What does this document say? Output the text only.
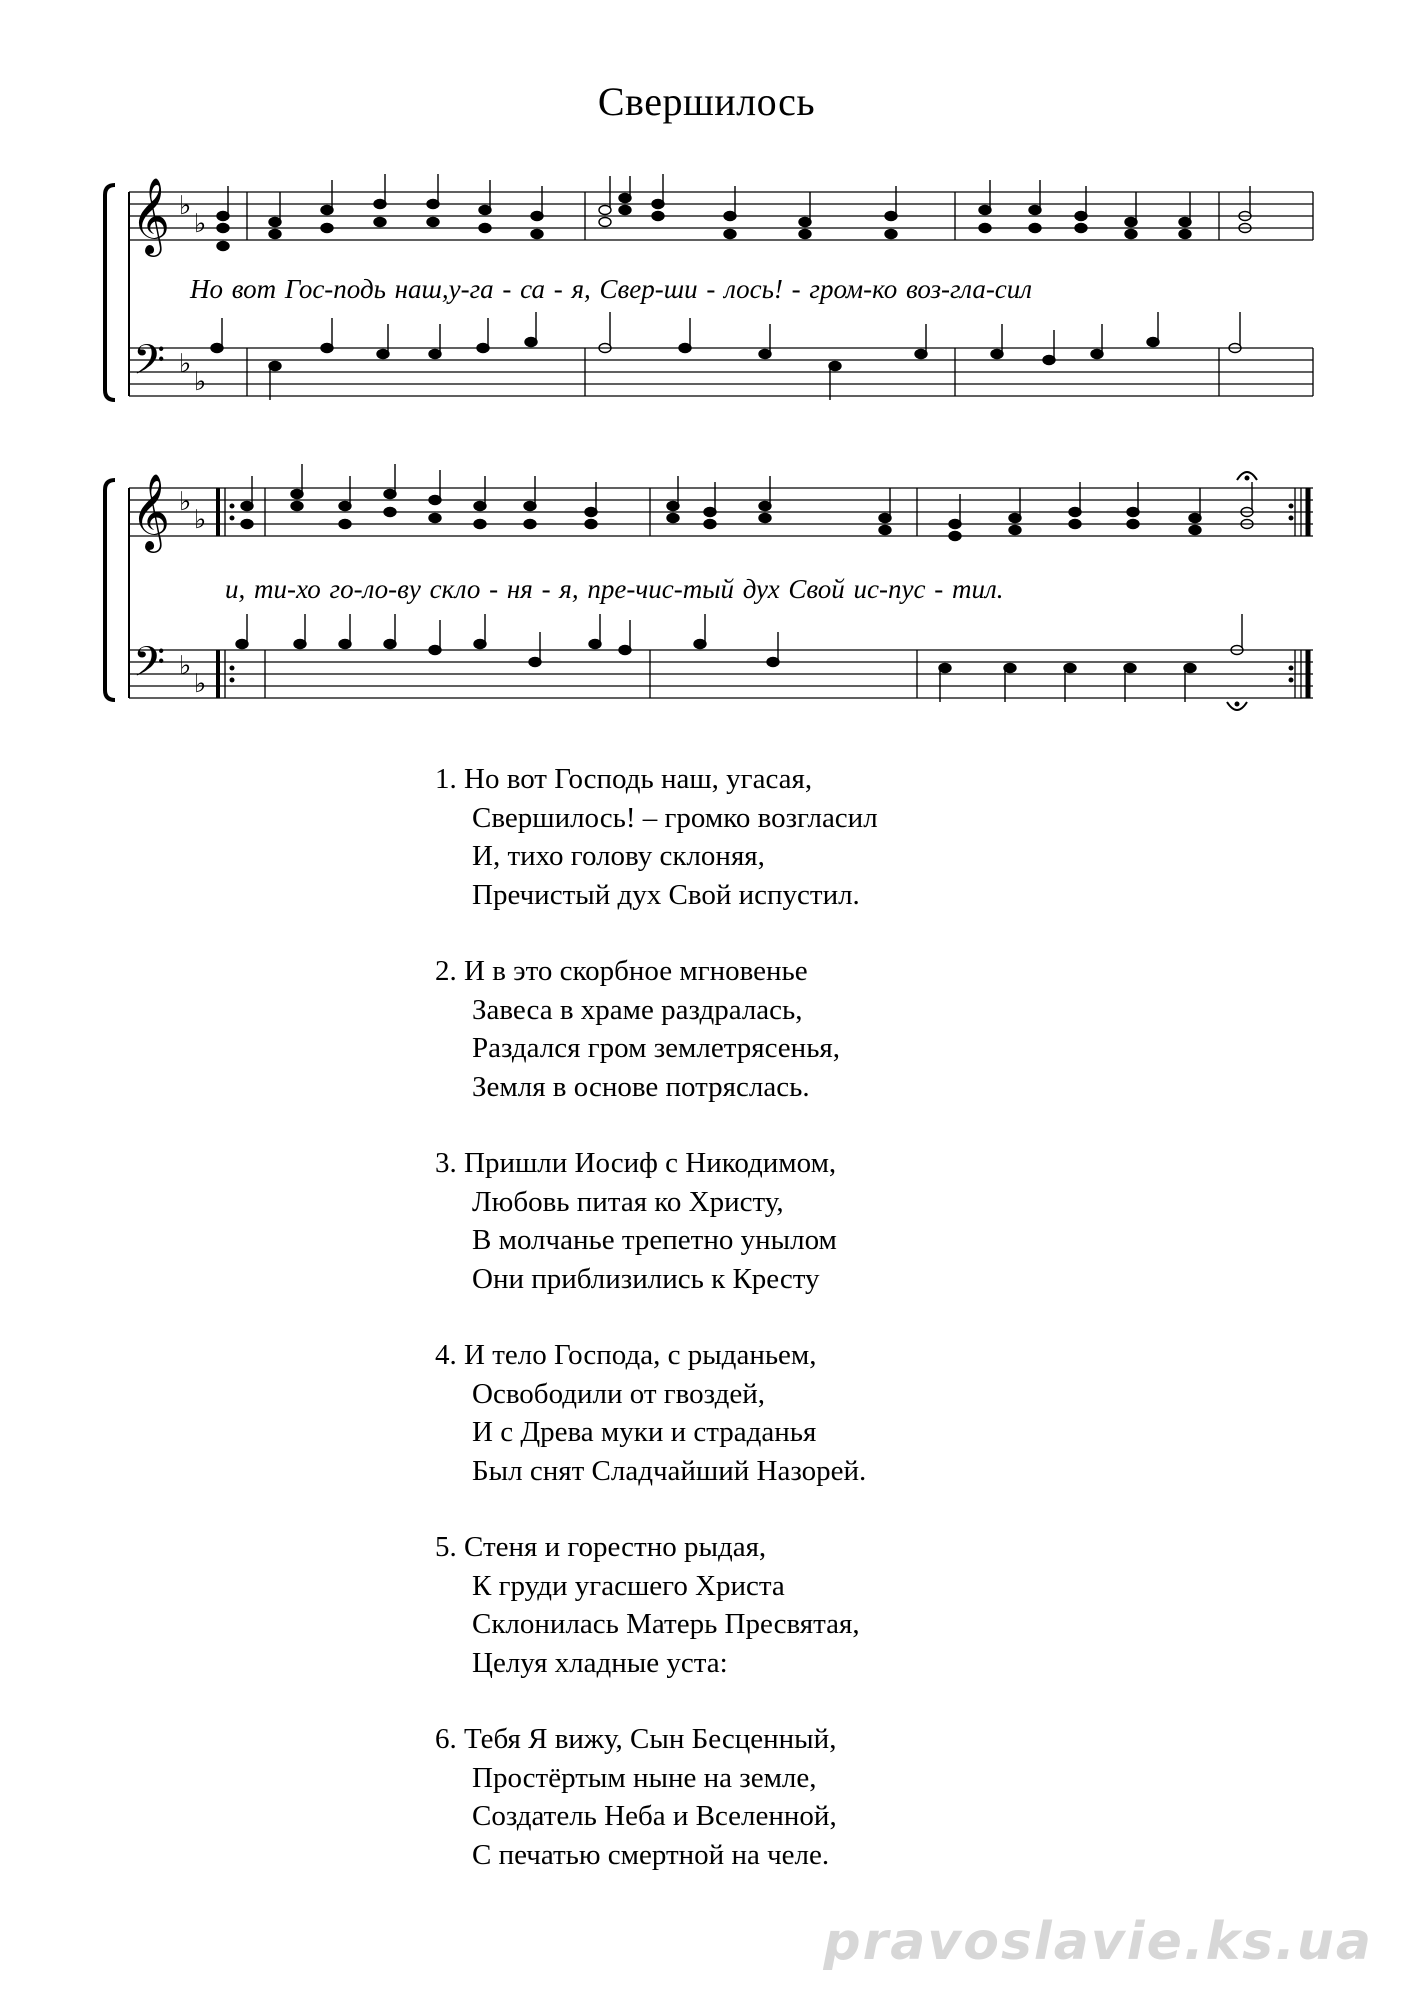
Свершилось
𝄞
𝄢
♭
♭
♭
♭
Но вот Гос-подь наш,у-га - са - я, Свер-ши - лось! - гром-ко воз-гла-сил
𝄞
𝄢
♭
♭
♭
♭
и, ти-хо го-ло-ву скло - ня - я, пре-чис-тый дух Свой ис-пус - тил.
1. Но вот Господь наш, угасая,
Свершилось! – громко возгласил
И, тихо голову склоняя,
Пречистый дух Свой испустил.
2. И в это скорбное мгновенье
Завеса в храме раздралась,
Раздался гром землетрясенья,
Земля в основе потряслась.
3. Пришли Иосиф с Никодимом,
Любовь питая ко Христу,
В молчанье трепетно унылом
Они приблизились к Кресту
4. И тело Господа, с рыданьем,
Освободили от гвоздей,
И с Древа муки и страданья
Был снят Сладчайший Назорей.
5. Стеня и горестно рыдая,
К груди угасшего Христа
Склонилась Матерь Пресвятая,
Целуя хладные уста:
6. Тебя Я вижу, Сын Бесценный,
Простёртым ныне на земле,
Создатель Неба и Вселенной,
С печатью смертной на челе.
pravoslavie.ks.ua
